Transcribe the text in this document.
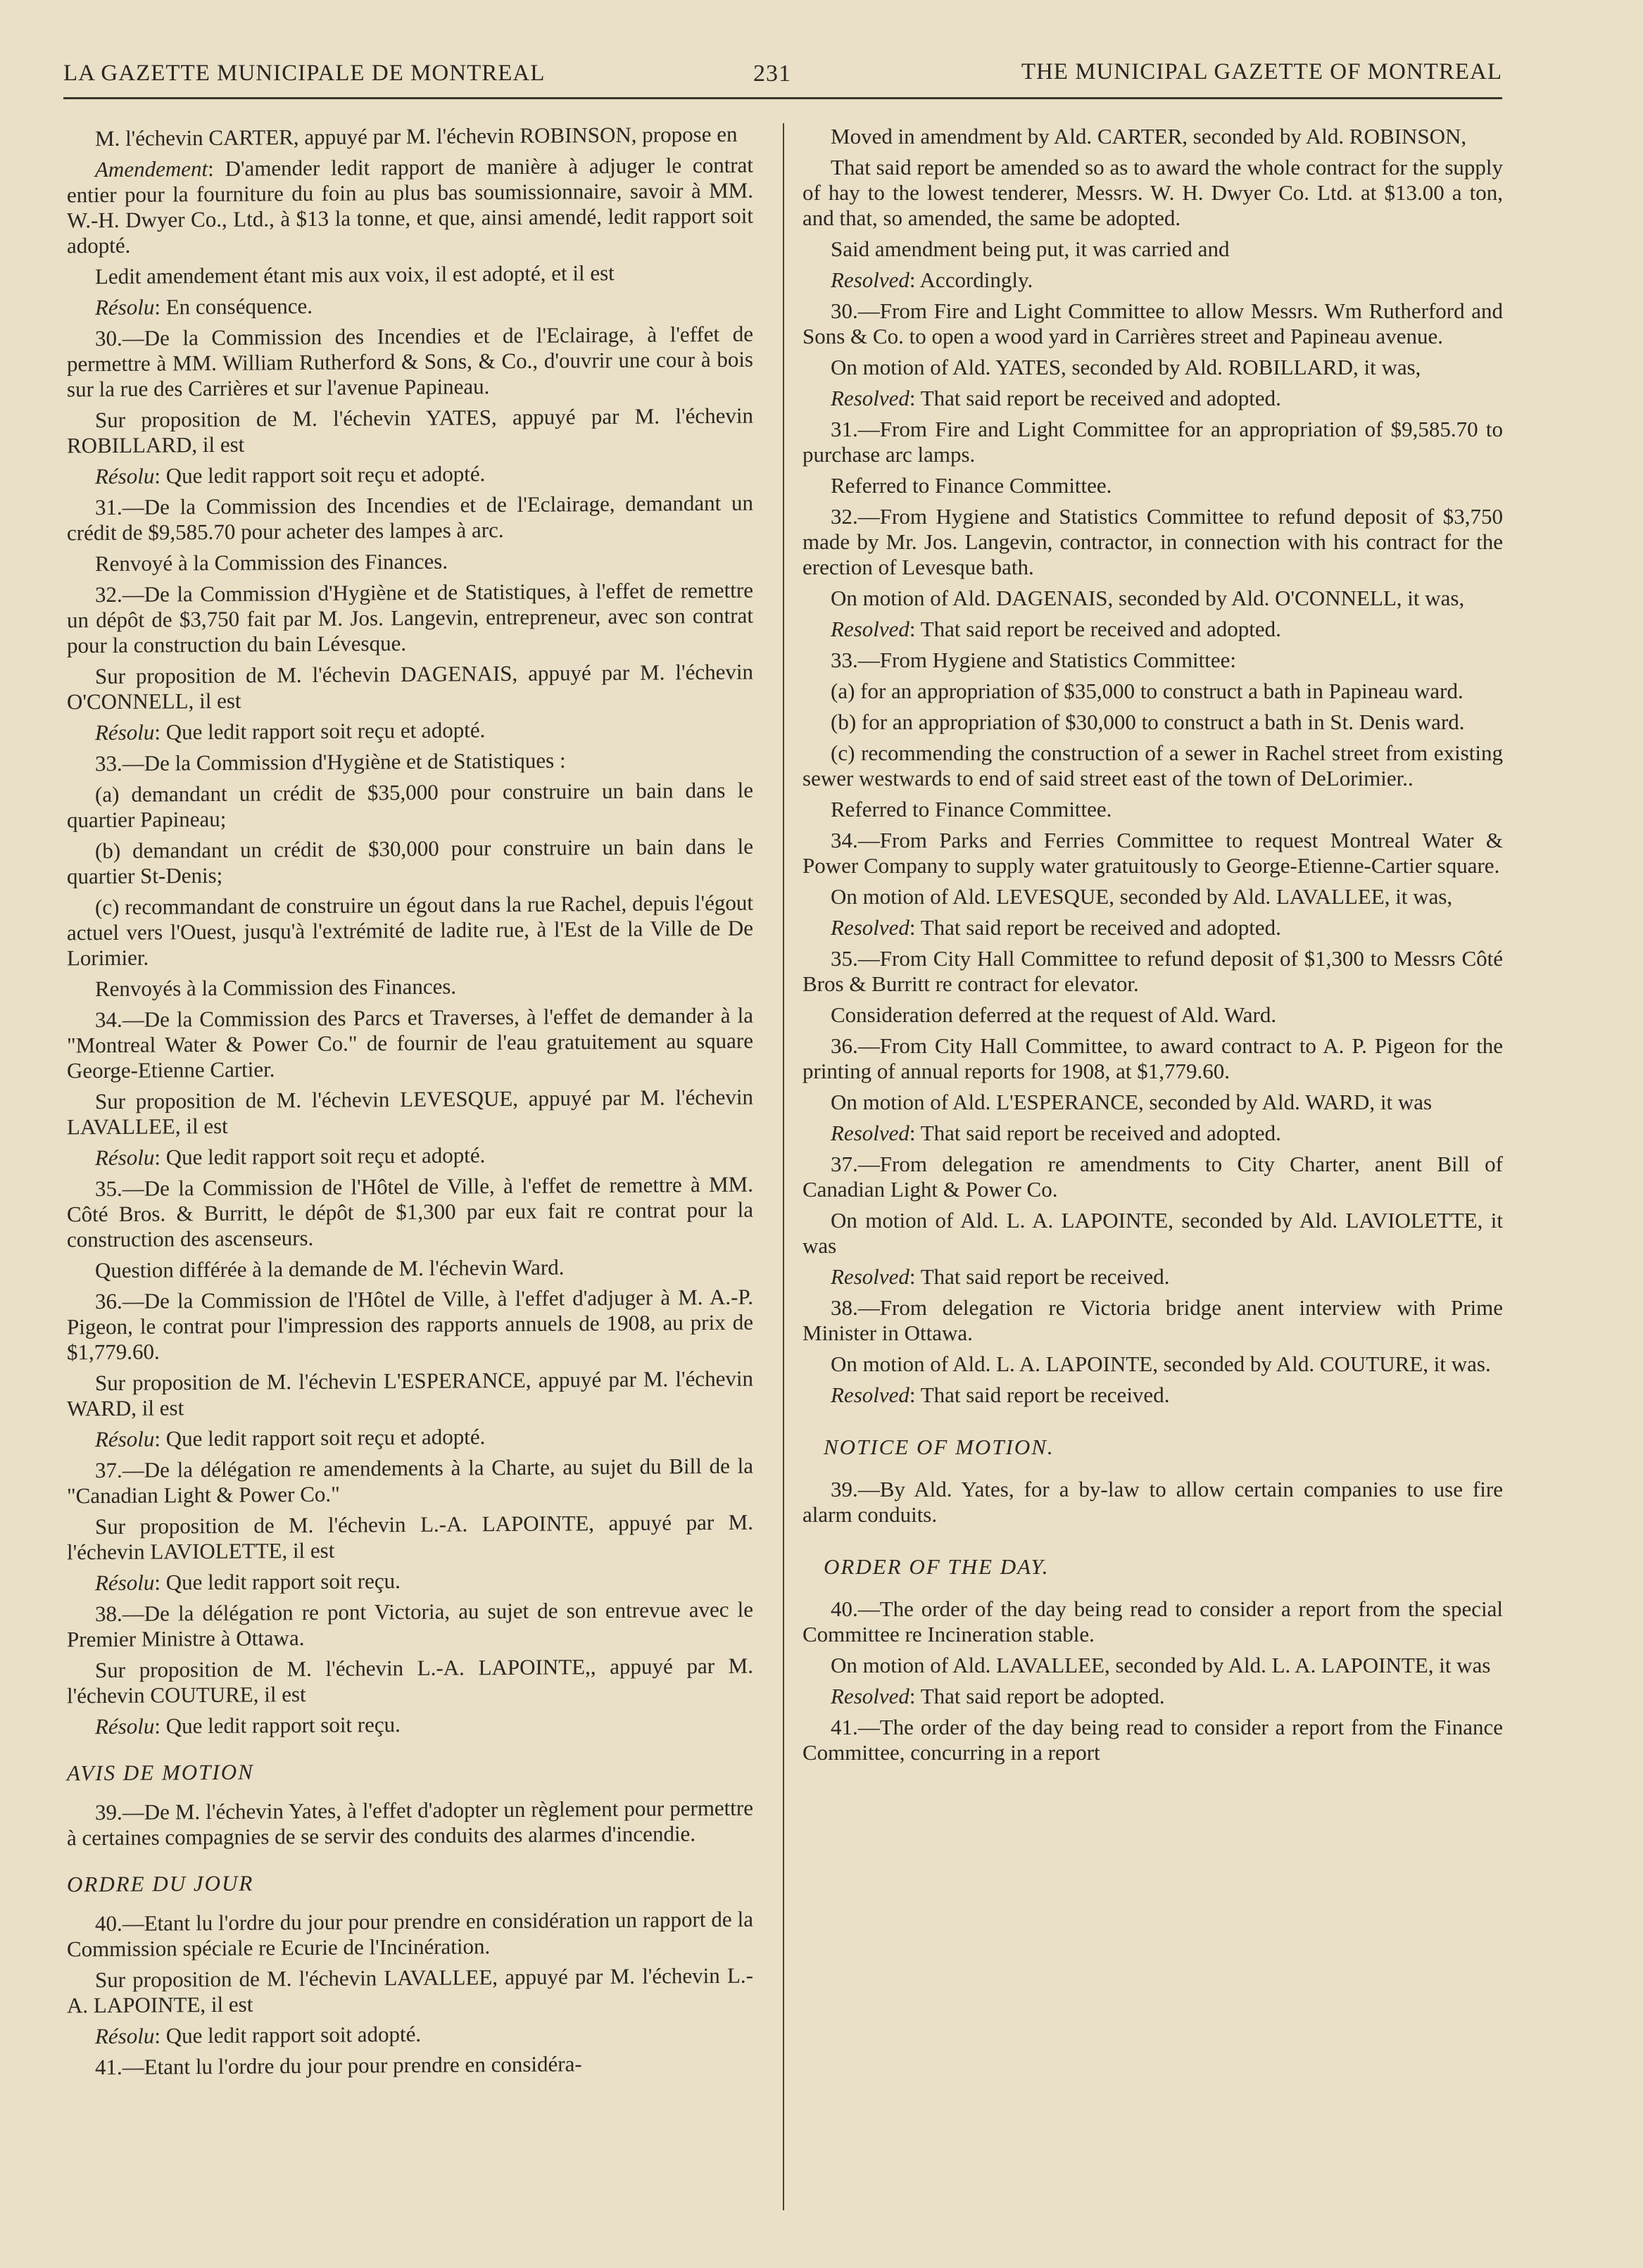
LA GAZETTE MUNICIPALE DE MONTREAL	231	THE MUNICIPAL GAZETTE OF MONTREAL

M. l'échevin CARTER, appuyé par M. l'échevin ROBINSON, propose en

Amendement: D'amender ledit rapport de manière à adjuger le contrat entier pour la fourniture du foin au plus bas soumissionnaire, savoir à MM. W.-H. Dwyer Co., Ltd., à $13 la tonne, et que, ainsi amendé, ledit rapport soit adopté.

Ledit amendement étant mis aux voix, il est adopté, et il est

Résolu: En conséquence.

30.—De la Commission des Incendies et de l'Eclairage, à l'effet de permettre à MM. William Rutherford & Sons, & Co., d'ouvrir une cour à bois sur la rue des Carrières et sur l'avenue Papineau.

Sur proposition de M. l'échevin YATES, appuyé par M. l'échevin ROBILLARD, il est

Résolu: Que ledit rapport soit reçu et adopté.

31.—De la Commission des Incendies et de l'Eclairage, demandant un crédit de $9,585.70 pour acheter des lampes à arc.

Renvoyé à la Commission des Finances.

32.—De la Commission d'Hygiène et de Statistiques, à l'effet de remettre un dépôt de $3,750 fait par M. Jos. Langevin, entrepreneur, avec son contrat pour la construction du bain Lévesque.

Sur proposition de M. l'échevin DAGENAIS, appuyé par M. l'échevin O'CONNELL, il est

Résolu: Que ledit rapport soit reçu et adopté.

33.—De la Commission d'Hygiène et de Statistiques :

(a) demandant un crédit de $35,000 pour construire un bain dans le quartier Papineau;

(b) demandant un crédit de $30,000 pour construire un bain dans le quartier St-Denis;

(c) recommandant de construire un égout dans la rue Rachel, depuis l'égout actuel vers l'Ouest, jusqu'à l'extrémité de ladite rue, à l'Est de la Ville de De Lorimier.

Renvoyés à la Commission des Finances.

34.—De la Commission des Parcs et Traverses, à l'effet de demander à la "Montreal Water & Power Co." de fournir de l'eau gratuitement au square George-Etienne Cartier.

Sur proposition de M. l'échevin LEVESQUE, appuyé par M. l'échevin LAVALLEE, il est

Résolu: Que ledit rapport soit reçu et adopté.

35.—De la Commission de l'Hôtel de Ville, à l'effet de remettre à MM. Côté Bros. & Burritt, le dépôt de $1,300 par eux fait re contrat pour la construction des ascenseurs.

Question différée à la demande de M. l'échevin Ward.

36.—De la Commission de l'Hôtel de Ville, à l'effet d'adjuger à M. A.-P. Pigeon, le contrat pour l'impression des rapports annuels de 1908, au prix de $1,779.60.

Sur proposition de M. l'échevin L'ESPERANCE, appuyé par M. l'échevin WARD, il est

Résolu: Que ledit rapport soit reçu et adopté.

37.—De la délégation re amendements à la Charte, au sujet du Bill de la "Canadian Light & Power Co."

Sur proposition de M. l'échevin L.-A. LAPOINTE, appuyé par M. l'échevin LAVIOLETTE, il est

Résolu: Que ledit rapport soit reçu.

38.—De la délégation re pont Victoria, au sujet de son entrevue avec le Premier Ministre à Ottawa.

Sur proposition de M. l'échevin L.-A. LAPOINTE,, appuyé par M. l'échevin COUTURE, il est

Résolu: Que ledit rapport soit reçu.

AVIS DE MOTION

39.—De M. l'échevin Yates, à l'effet d'adopter un règlement pour permettre à certaines compagnies de se servir des conduits des alarmes d'incendie.

ORDRE DU JOUR

40.—Etant lu l'ordre du jour pour prendre en considération un rapport de la Commission spéciale re Ecurie de l'Incinération.

Sur proposition de M. l'échevin LAVALLEE, appuyé par M. l'échevin L.-A. LAPOINTE, il est

Résolu: Que ledit rapport soit adopté.

41.—Etant lu l'ordre du jour pour prendre en considéra-

Moved in amendment by Ald. CARTER, seconded by Ald. ROBINSON,

That said report be amended so as to award the whole contract for the supply of hay to the lowest tenderer, Messrs. W. H. Dwyer Co. Ltd. at $13.00 a ton, and that, so amended, the same be adopted.

Said amendment being put, it was carried and

Resolved: Accordingly.

30.—From Fire and Light Committee to allow Messrs. Wm Rutherford and Sons & Co. to open a wood yard in Carrières street and Papineau avenue.

On motion of Ald. YATES, seconded by Ald. ROBILLARD, it was,

Resolved: That said report be received and adopted.

31.—From Fire and Light Committee for an appropriation of $9,585.70 to purchase arc lamps.

Referred to Finance Committee.

32.—From Hygiene and Statistics Committee to refund deposit of $3,750 made by Mr. Jos. Langevin, contractor, in connection with his contract for the erection of Levesque bath.

On motion of Ald. DAGENAIS, seconded by Ald. O'CONNELL, it was,

Resolved: That said report be received and adopted.

33.—From Hygiene and Statistics Committee:

(a) for an appropriation of $35,000 to construct a bath in Papineau ward.

(b) for an appropriation of $30,000 to construct a bath in St. Denis ward.

(c) recommending the construction of a sewer in Rachel street from existing sewer westwards to end of said street east of the town of DeLorimier..

Referred to Finance Committee.

34.—From Parks and Ferries Committee to request Montreal Water & Power Company to supply water gratuitously to George-Etienne-Cartier square.

On motion of Ald. LEVESQUE, seconded by Ald. LAVALLEE, it was,

Resolved: That said report be received and adopted.

35.—From City Hall Committee to refund deposit of $1,300 to Messrs Côté Bros & Burritt re contract for elevator.

Consideration deferred at the request of Ald. Ward.

36.—From City Hall Committee, to award contract to A. P. Pigeon for the printing of annual reports for 1908, at $1,779.60.

On motion of Ald. L'ESPERANCE, seconded by Ald. WARD, it was

Resolved: That said report be received and adopted.

37.—From delegation re amendments to City Charter, anent Bill of Canadian Light & Power Co.

On motion of Ald. L. A. LAPOINTE, seconded by Ald. LAVIOLETTE, it was

Resolved: That said report be received.

38.—From delegation re Victoria bridge anent interview with Prime Minister in Ottawa.

On motion of Ald. L. A. LAPOINTE, seconded by Ald. COUTURE, it was.

Resolved: That said report be received.

NOTICE OF MOTION.

39.—By Ald. Yates, for a by-law to allow certain companies to use fire alarm conduits.

ORDER OF THE DAY.

40.—The order of the day being read to consider a report from the special Committee re Incineration stable.

On motion of Ald. LAVALLEE, seconded by Ald. L. A. LAPOINTE, it was

Resolved: That said report be adopted.

41.—The order of the day being read to consider a report from the Finance Committee, concurring in a report
